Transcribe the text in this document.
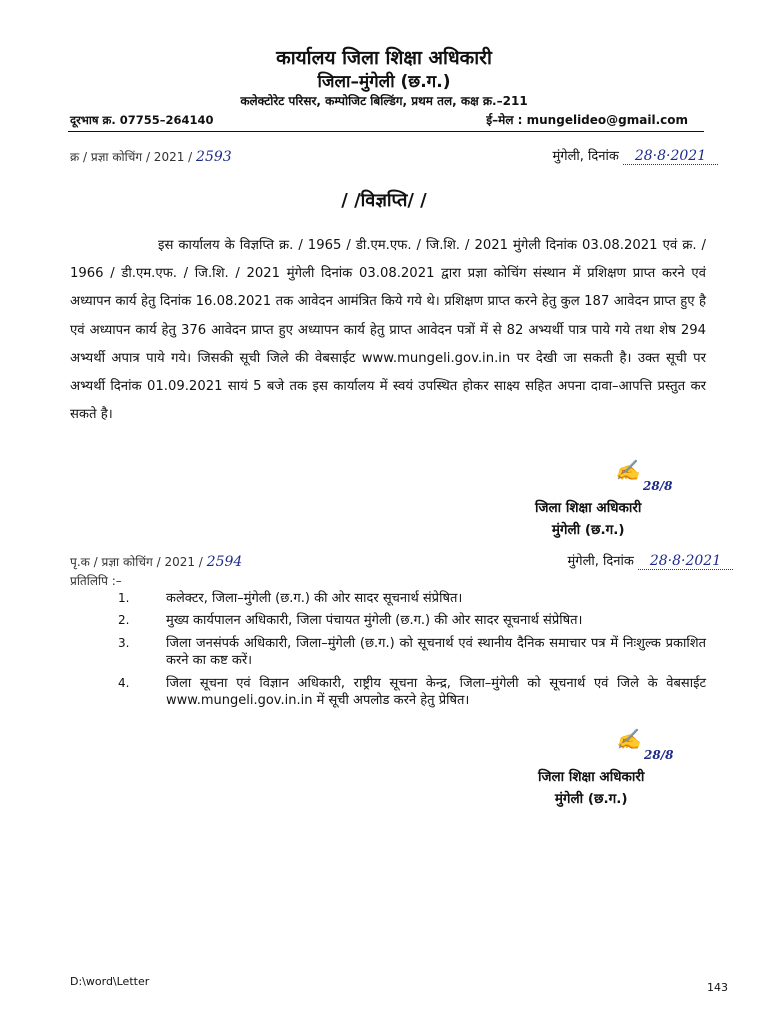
कार्यालय जिला शिक्षा अधिकारी
जिला–मुंगेली (छ.ग.)
कलेक्टोरेट परिसर, कम्पोजिट बिल्डिंग, प्रथम तल, कक्ष क्र.–211
दूरभाष क्र. 07755–264140	ई–मेल : mungelideo@gmail.com
क्र / प्रज्ञा कोचिंग / 2021 / 2593	मुंगेली, दिनांक 28·8·2021
/ /विज्ञप्ति/ /
इस कार्यालय के विज्ञप्ति क्र. / 1965 / डी.एम.एफ. / जि.शि. / 2021 मुंगेली दिनांक 03.08.2021 एवं क्र. / 1966 / डी.एम.एफ. / जि.शि. / 2021 मुंगेली दिनांक 03.08.2021 द्वारा प्रज्ञा कोचिंग संस्थान में प्रशिक्षण प्राप्त करने एवं अध्यापन कार्य हेतु दिनांक 16.08.2021 तक आवेदन आमंत्रित किये गये थे। प्रशिक्षण प्राप्त करने हेतु कुल 187 आवेदन प्राप्त हुए है एवं अध्यापन कार्य हेतु 376 आवेदन प्राप्त हुए अध्यापन कार्य हेतु प्राप्त आवेदन पत्रों में से 82 अभ्यर्थी पात्र पाये गये तथा शेष 294 अभ्यर्थी अपात्र पाये गये। जिसकी सूची जिले की वेबसाईट www.mungeli.gov.in.in पर देखी जा सकती है। उक्त सूची पर अभ्यर्थी दिनांक 01.09.2021 सायं 5 बजे तक इस कार्यालय में स्वयं उपस्थित होकर साक्ष्य सहित अपना दावा–आपत्ति प्रस्तुत कर सकते है।
✍
28/8
जिला शिक्षा अधिकारी
मुंगेली (छ.ग.)
पृ.क / प्रज्ञा कोचिंग / 2021 / 2594	मुंगेली, दिनांक 28·8·2021
प्रतिलिपि :–
1.	कलेक्टर, जिला–मुंगेली (छ.ग.) की ओर सादर सूचनार्थ संप्रेषित।
2.	मुख्य कार्यपालन अधिकारी, जिला पंचायत मुंगेली (छ.ग.) की ओर सादर सूचनार्थ संप्रेषित।
3.	जिला जनसंपर्क अधिकारी, जिला–मुंगेली (छ.ग.) को सूचनार्थ एवं स्थानीय दैनिक समाचार पत्र में निःशुल्क प्रकाशित करने का कष्ट करें।
4.	जिला सूचना एवं विज्ञान अधिकारी, राष्ट्रीय सूचना केन्द्र, जिला–मुंगेली को सूचनार्थ एवं जिले के वेबसाईट www.mungeli.gov.in.in में सूची अपलोड करने हेतु प्रेषित।
✍
28/8
जिला शिक्षा अधिकारी
मुंगेली (छ.ग.)
D:\word\Letter	143
